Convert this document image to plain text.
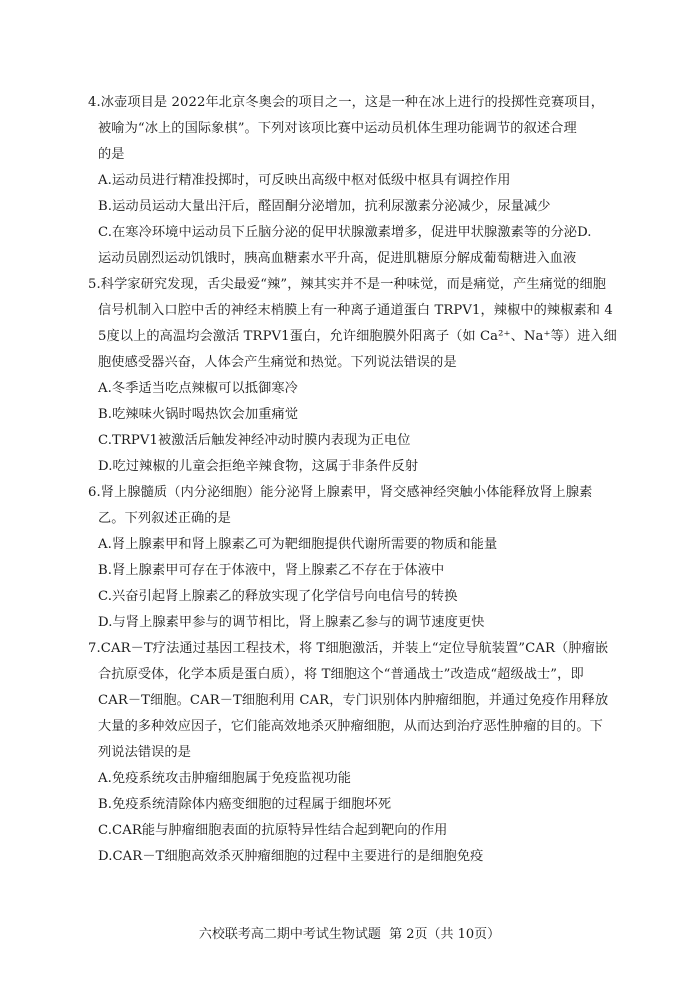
4.冰壶项目是 2022年北京冬奥会的项目之一，这是一种在冰上进行的投掷性竞赛项目，
被喻为“冰上的国际象棋”。下列对该项比赛中运动员机体生理功能调节的叙述合理
的是
A.运动员进行精准投掷时，可反映出高级中枢对低级中枢具有调控作用
B.运动员运动大量出汗后，醛固酮分泌增加，抗利尿激素分泌减少，尿量减少
C.在寒冷环境中运动员下丘脑分泌的促甲状腺激素增多，促进甲状腺激素等的分泌D.
运动员剧烈运动饥饿时，胰高血糖素水平升高，促进肌糖原分解成葡萄糖进入血液
5.科学家研究发现，舌尖最爱“辣”，辣其实并不是一种味觉，而是痛觉，产生痛觉的细胞
信号机制入口腔中舌的神经末梢膜上有一种离子通道蛋白 TRPV1，辣椒中的辣椒素和 4
5度以上的高温均会激活 TRPV1蛋白，允许细胞膜外阳离子（如 Ca²⁺、Na⁺等）进入细
胞使感受器兴奋，人体会产生痛觉和热觉。下列说法错误的是
A.冬季适当吃点辣椒可以抵御寒冷
B.吃辣味火锅时喝热饮会加重痛觉
C.TRPV1被激活后触发神经冲动时膜内表现为正电位
D.吃过辣椒的儿童会拒绝辛辣食物，这属于非条件反射
6.肾上腺髓质（内分泌细胞）能分泌肾上腺素甲，肾交感神经突触小体能释放肾上腺素
乙。下列叙述正确的是
A.肾上腺素甲和肾上腺素乙可为靶细胞提供代谢所需要的物质和能量
B.肾上腺素甲可存在于体液中，肾上腺素乙不存在于体液中
C.兴奋引起肾上腺素乙的释放实现了化学信号向电信号的转换
D.与肾上腺素甲参与的调节相比，肾上腺素乙参与的调节速度更快
7.CAR－T疗法通过基因工程技术，将 T细胞激活，并装上“定位导航装置”CAR（肿瘤嵌
合抗原受体，化学本质是蛋白质），将 T细胞这个“普通战士”改造成“超级战士”，即
CAR－T细胞。CAR－T细胞利用 CAR，专门识别体内肿瘤细胞，并通过免疫作用释放
大量的多种效应因子，它们能高效地杀灭肿瘤细胞，从而达到治疗恶性肿瘤的目的。下
列说法错误的是
A.免疫系统攻击肿瘤细胞属于免疫监视功能
B.免疫系统清除体内癌变细胞的过程属于细胞坏死
C.CAR能与肿瘤细胞表面的抗原特异性结合起到靶向的作用
D.CAR－T细胞高效杀灭肿瘤细胞的过程中主要进行的是细胞免疫
六校联考高二期中考试生物试题  第 2页（共 10页）
